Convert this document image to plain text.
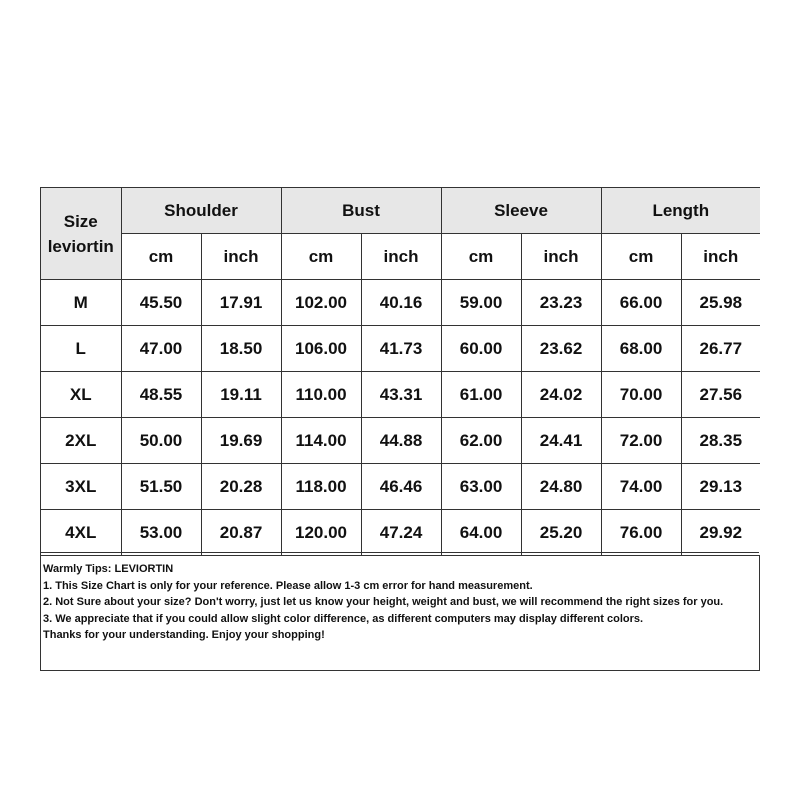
Size
leviortin	Shoulder		Bust		Sleeve		Length	
	cm	inch	cm	inch	cm	inch	cm	inch
M	45.50	17.91	102.00	40.16	59.00	23.23	66.00	25.98
L	47.00	18.50	106.00	41.73	60.00	23.62	68.00	26.77
XL	48.55	19.11	110.00	43.31	61.00	24.02	70.00	27.56
2XL	50.00	19.69	114.00	44.88	62.00	24.41	72.00	28.35
3XL	51.50	20.28	118.00	46.46	63.00	24.80	74.00	29.13
4XL	53.00	20.87	120.00	47.24	64.00	25.20	76.00	29.92
Warmly Tips: LEVIORTIN
1. This Size Chart is only for your reference. Please allow 1-3 cm error for hand measurement.
2. Not Sure about your size? Don't worry, just let us know your height, weight and bust, we will recommend the right sizes for you.
3. We appreciate that if you could allow slight color difference, as different computers may display different colors.
Thanks for your understanding. Enjoy your shopping!
